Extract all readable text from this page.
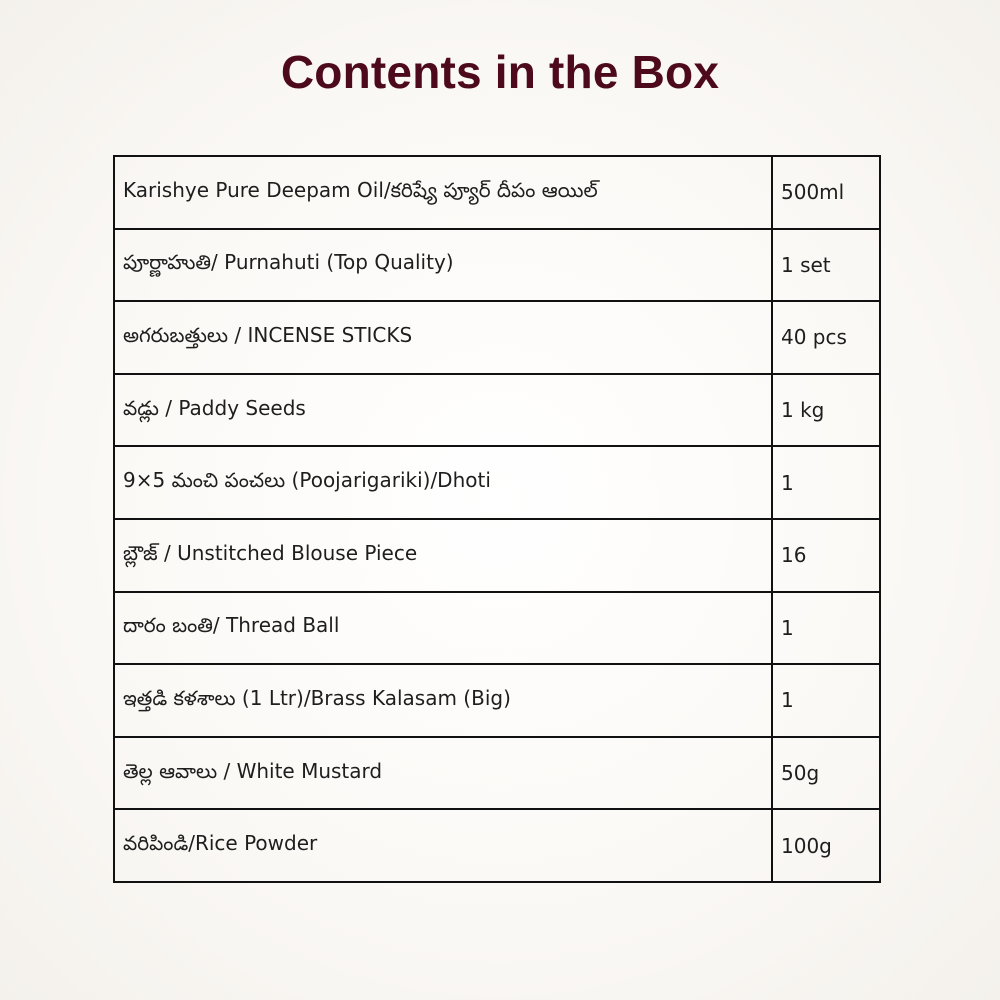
Contents in the Box
Karishye Pure Deepam Oil/కరిష్యే ప్యూర్ దీపం ఆయిల్	500ml
పూర్ణాహుతి/ Purnahuti (Top Quality)	1 set
అగరుబత్తులు / INCENSE STICKS	40 pcs
వడ్లు / Paddy Seeds	1 kg
9×5 మంచి పంచలు (Poojarigariki)/Dhoti	1
బ్లౌజ్ / Unstitched Blouse Piece	16
దారం బంతి/ Thread Ball	1
ఇత్తడి కళశాలు (1 Ltr)/Brass Kalasam (Big)	1
తెల్ల ఆవాలు / White Mustard	50g
వరిపిండి/Rice Powder	100g
